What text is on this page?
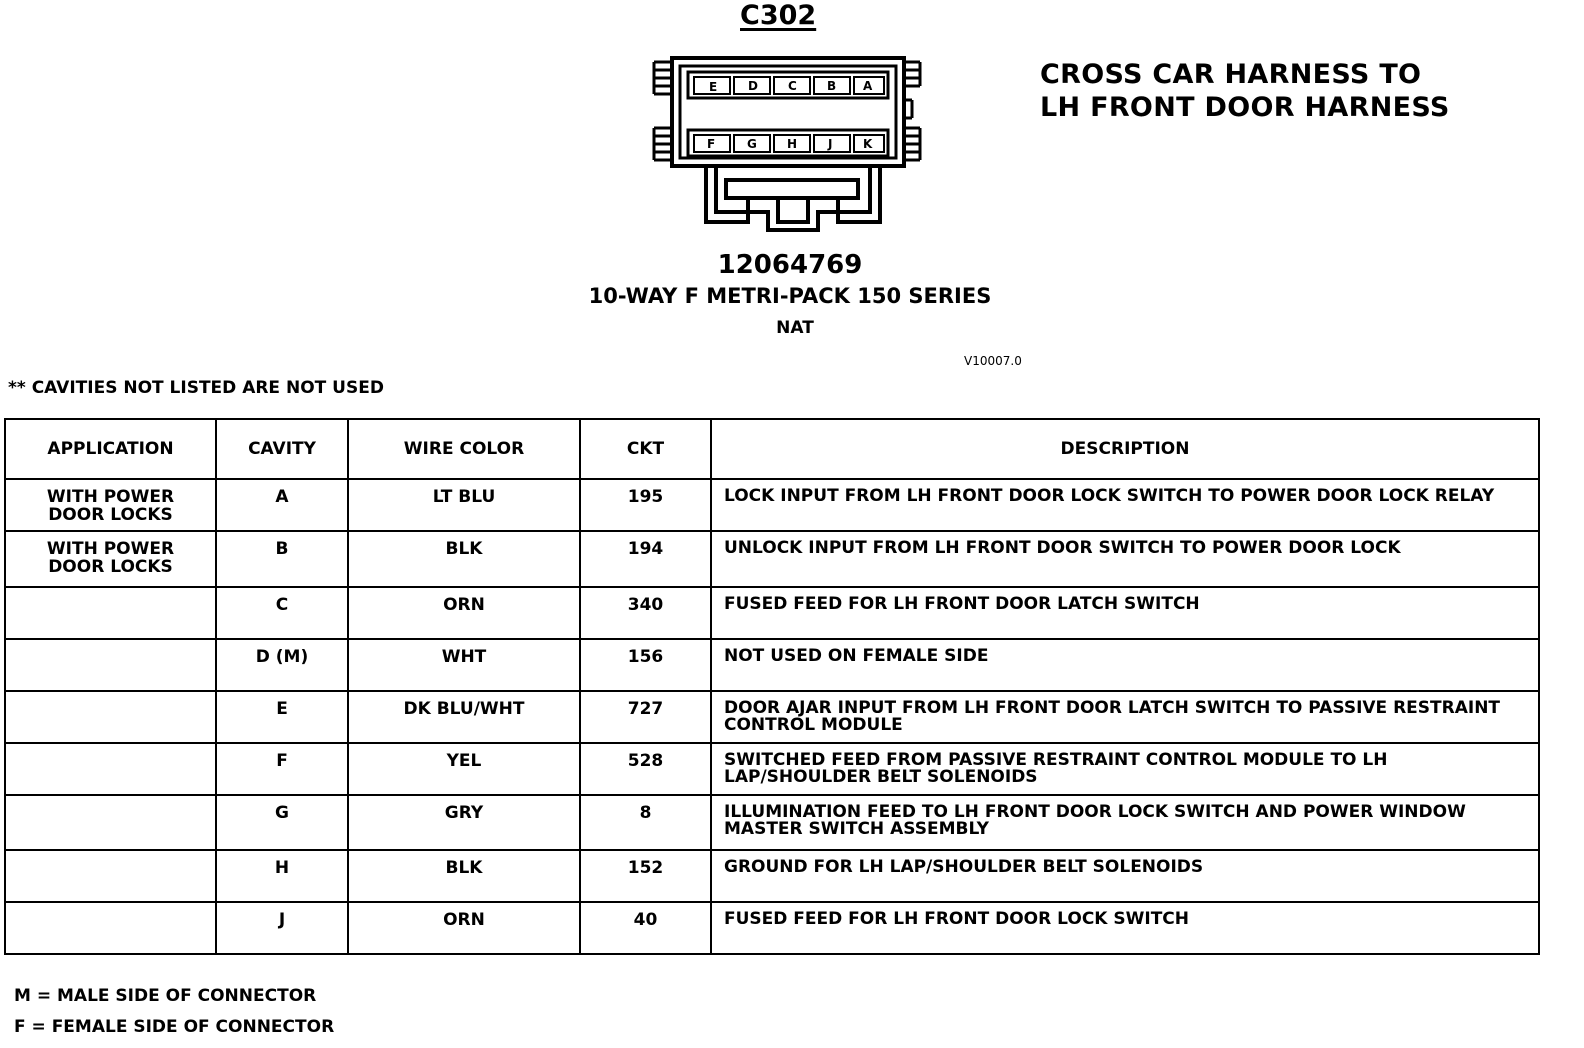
C302
E	D	C	B A
F	G	H	J	K
CROSS CAR HARNESS TO
LH FRONT DOOR HARNESS
12064769
10-WAY F METRI-PACK 150 SERIES
NAT
V10007.0
** CAVITIES NOT LISTED ARE NOT USED
APPLICATION	CAVITY	WIRE COLOR	CKT	DESCRIPTION
WITH POWER
DOOR LOCKS	A	LT BLU	195	LOCK INPUT FROM LH FRONT DOOR LOCK SWITCH TO POWER DOOR LOCK RELAY
WITH POWER
DOOR LOCKS	B	BLK	194	UNLOCK INPUT FROM LH FRONT DOOR SWITCH TO POWER DOOR LOCK
	C	ORN	340	FUSED FEED FOR LH FRONT DOOR LATCH SWITCH
	D (M)	WHT	156	NOT USED ON FEMALE SIDE
	E	DK BLU/WHT	727	DOOR AJAR INPUT FROM LH FRONT DOOR LATCH SWITCH TO PASSIVE RESTRAINT CONTROL MODULE
	F	YEL	528	SWITCHED FEED FROM PASSIVE RESTRAINT CONTROL MODULE TO LH LAP/SHOULDER BELT SOLENOIDS
	G	GRY	8	ILLUMINATION FEED TO LH FRONT DOOR LOCK SWITCH AND POWER WINDOW MASTER SWITCH ASSEMBLY
	H	BLK	152	GROUND FOR LH LAP/SHOULDER BELT SOLENOIDS
	J	ORN	40	FUSED FEED FOR LH FRONT DOOR LOCK SWITCH
M = MALE SIDE OF CONNECTOR
F = FEMALE SIDE OF CONNECTOR
